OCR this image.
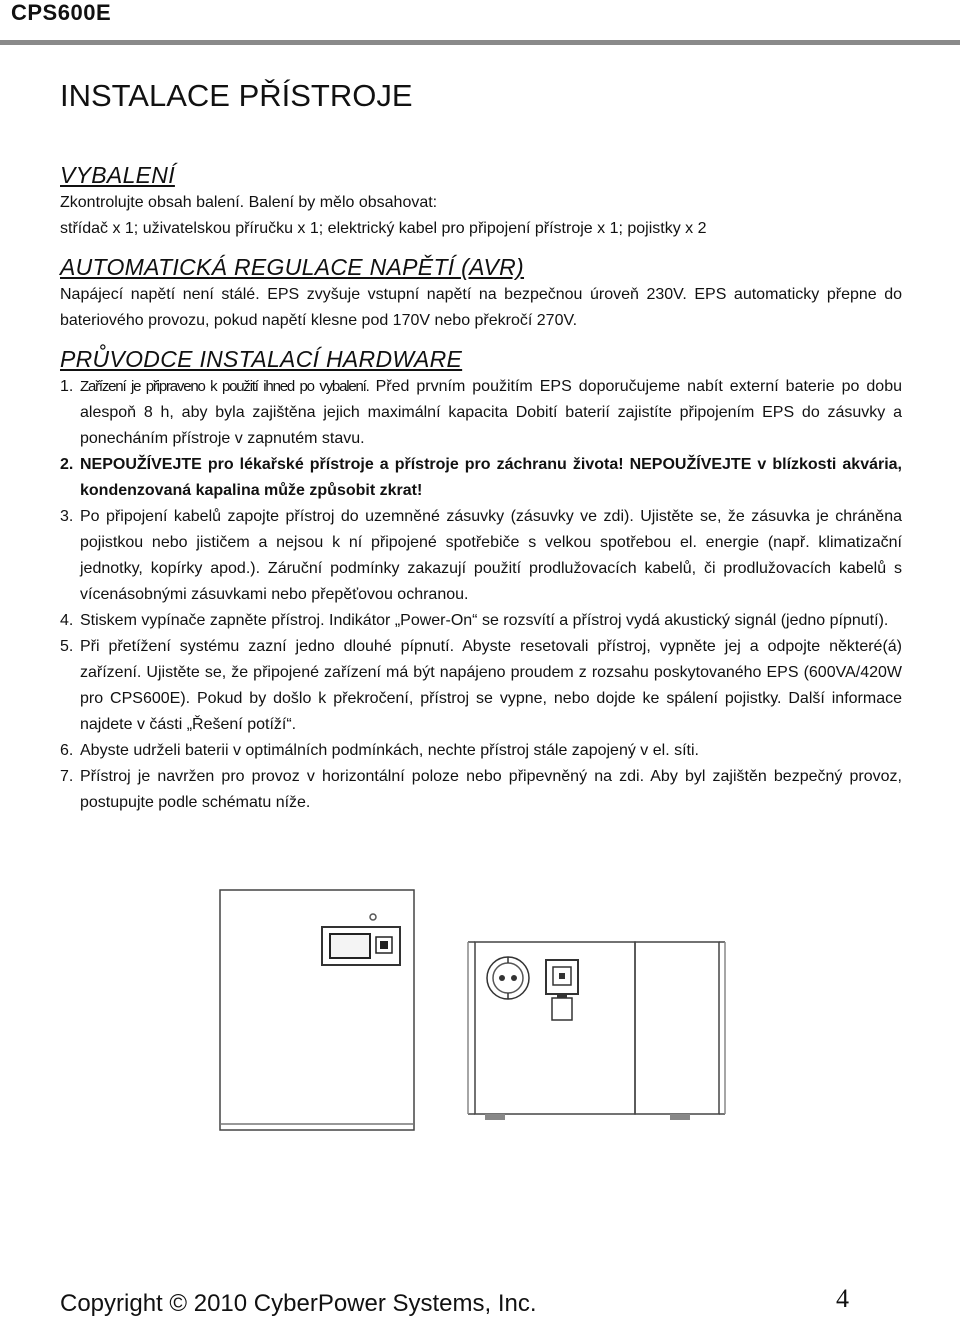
CPS600E
INSTALACE PŘÍSTROJE
VYBALENÍ

Zkontrolujte obsah balení. Balení by mělo obsahovat:

střídač x 1; uživatelskou příručku x 1; elektrický kabel pro připojení přístroje x 1; pojistky x 2

AUTOMATICKÁ REGULACE NAPĚTÍ (AVR)

Napájecí napětí není stálé. EPS zvyšuje vstupní napětí na bezpečnou úroveň 230V. EPS automaticky přepne do bateriového provozu, pokud napětí klesne pod 170V nebo překročí 270V.

PRŮVODCE INSTALACÍ HARDWARE
1. Zařízení je připraveno k použití ihned po vybalení. Před prvním použitím EPS doporučujeme nabít externí baterie po dobu alespoň 8 h, aby byla zajištěna jejich maximální kapacita Dobití baterií zajistíte připojením EPS do zásuvky a ponecháním přístroje v zapnutém stavu.
2. NEPOUŽÍVEJTE pro lékařské přístroje a přístroje pro záchranu života! NEPOUŽÍVEJTE v blízkosti akvária, kondenzovaná kapalina může způsobit zkrat!
3. Po připojení kabelů zapojte přístroj do uzemněné zásuvky (zásuvky ve zdi). Ujistěte se, že zásuvka je chráněna pojistkou nebo jističem a nejsou k ní připojené spotřebiče s velkou spotřebou el. energie (např. klimatizační jednotky, kopírky apod.). Záruční podmínky zakazují použití prodlužovacích kabelů, či prodlužovacích kabelů s vícenásobnými zásuvkami nebo přepěťovou ochranou.
4. Stiskem vypínače zapněte přístroj. Indikátor „Power-On“ se rozsvítí a přístroj vydá akustický signál (jedno pípnutí).
5. Při přetížení systému zazní jedno dlouhé pípnutí. Abyste resetovali přístroj, vypněte jej a odpojte některé(á) zařízení. Ujistěte se, že připojené zařízení má být napájeno proudem z rozsahu poskytovaného EPS (600VA/420W pro CPS600E). Pokud by došlo k překročení, přístroj se vypne, nebo dojde ke spálení pojistky. Další informace najdete v části „Řešení potíží“.
6. Abyste udrželi baterii v optimálních podmínkách, nechte přístroj stále zapojený v el. síti.
7. Přístroj je navržen pro provoz v horizontální poloze nebo připevněný na zdi. Aby byl zajištěn bezpečný provoz, postupujte podle schématu níže.
Copyright © 2010 CyberPower Systems, Inc.	4
